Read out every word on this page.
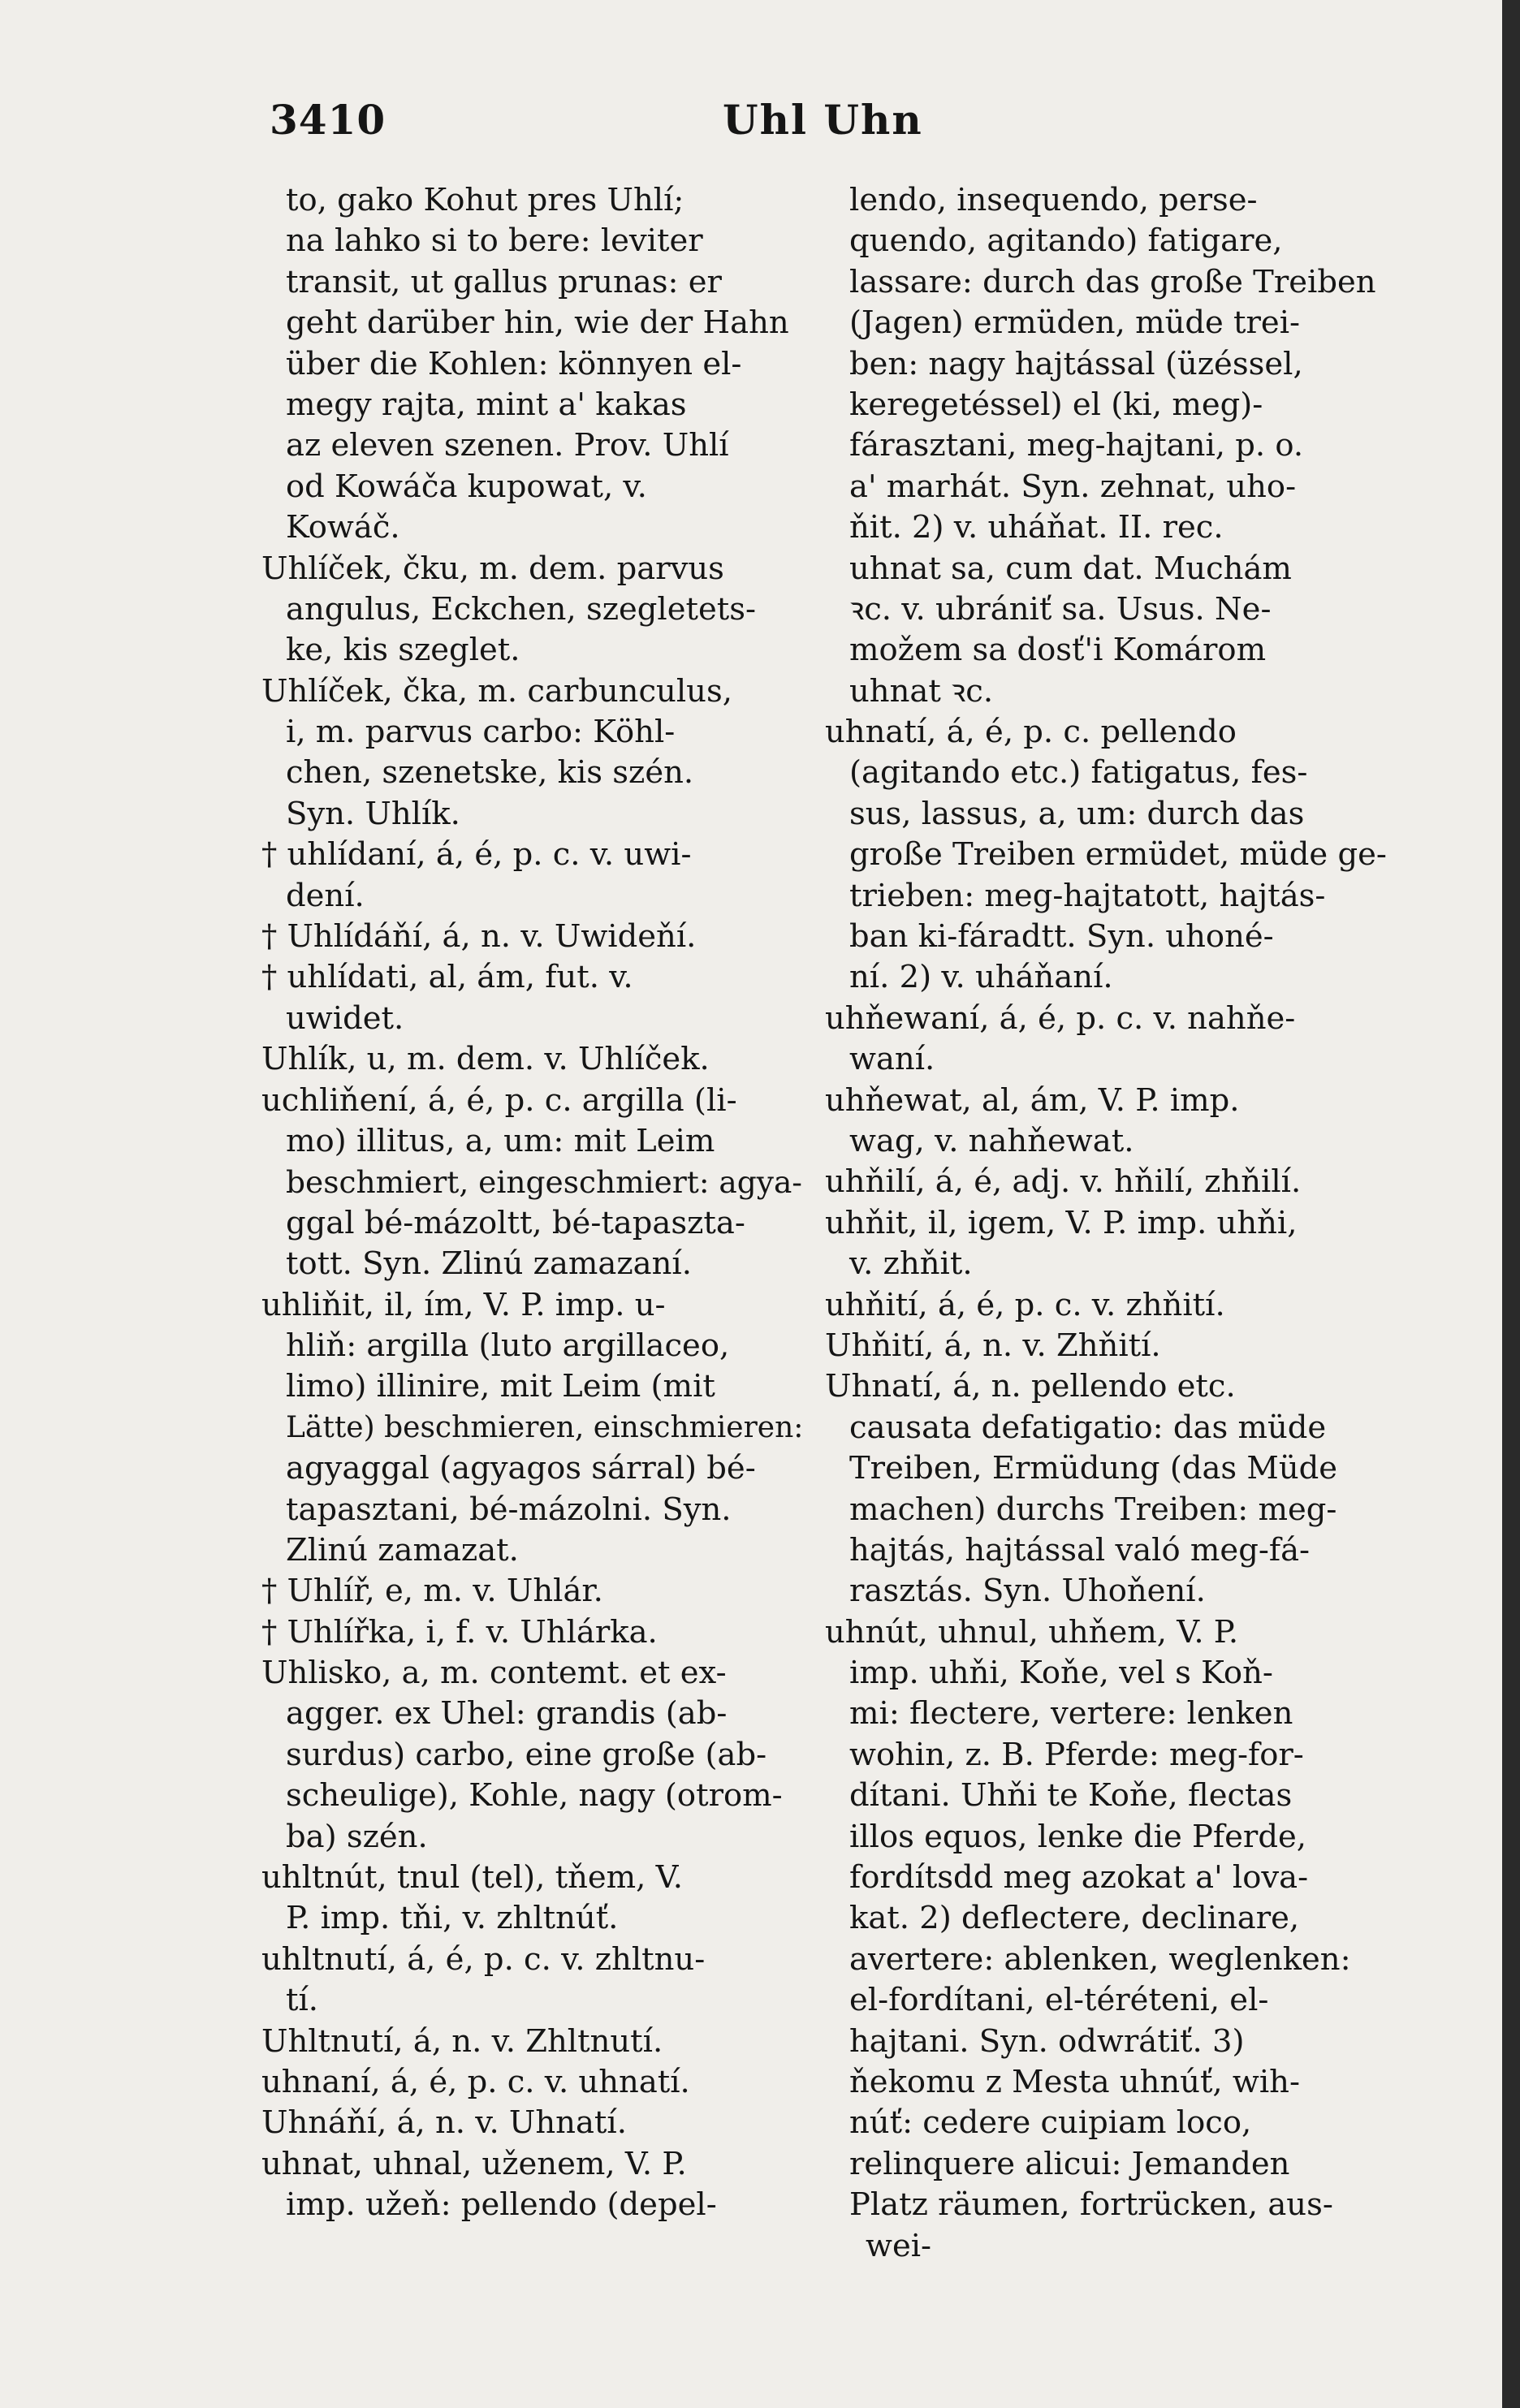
3410	Uhl Uhn
to, gako Kohut pres Uhlí;
na lahko si to bere: leviter
transit, ut gallus prunas: er
geht darüber hin, wie der Hahn
über die Kohlen: könnyen el-
megy rajta, mint a' kakas
az eleven szenen. Prov. Uhlí
od Kowáča kupowat, v.
Kowáč.
Uhlíček, čku, m. dem. parvus
angulus, Eckchen, szegletets-
ke, kis szeglet.
Uhlíček, čka, m. carbunculus,
i, m. parvus carbo: Köhl-
chen, szenetske, kis szén.
Syn. Uhlík.
† uhlídaní, á, é, p. c. v. uwi-
dení.
† Uhlídáňí, á, n. v. Uwideňí.
† uhlídati, al, ám, fut. v.
uwidet.
Uhlík, u, m. dem. v. Uhlíček.
uchliňení, á, é, p. c. argilla (li-
mo) illitus, a, um: mit Leim
beschmiert, eingeschmiert: agya-
ggal bé-mázoltt, bé-tapaszta-
tott. Syn. Zlinú zamazaní.
uhliňit, il, ím, V. P. imp. u-
hliň: argilla (luto argillaceo,
limo) illinire, mit Leim (mit
Lätte) beschmieren, einschmieren:
agyaggal (agyagos sárral) bé-
tapasztani, bé-mázolni. Syn.
Zlinú zamazat.
† Uhlíř, e, m. v. Uhlár.
† Uhlířka, i, f. v. Uhlárka.
Uhlisko, a, m. contemt. et ex-
agger. ex Uhel: grandis (ab-
surdus) carbo, eine große (ab-
scheulige), Kohle, nagy (otrom-
ba) szén.
uhltnút, tnul (tel), tňem, V.
P. imp. tňi, v. zhltnúť.
uhltnutí, á, é, p. c. v. zhltnu-
tí.
Uhltnutí, á, n. v. Zhltnutí.
uhnaní, á, é, p. c. v. uhnatí.
Uhnáňí, á, n. v. Uhnatí.
uhnat, uhnal, uženem, V. P.
imp. užeň: pellendo (depel-
lendo, insequendo, perse-
quendo, agitando) fatigare,
lassare: durch das große Treiben
(Jagen) ermüden, müde trei-
ben: nagy hajtással (üzéssel,
keregetéssel) el (ki, meg)-
fárasztani, meg-hajtani, p. o.
a' marhát. Syn. zehnat, uho-
ňit. 2) v. uháňat. II. rec.
uhnat sa, cum dat. Muchám
ꝛc. v. ubrániť sa. Usus. Ne-
možem sa dosť'i Komárom
uhnat ꝛc.
uhnatí, á, é, p. c. pellendo
(agitando etc.) fatigatus, fes-
sus, lassus, a, um: durch das
große Treiben ermüdet, müde ge-
trieben: meg-hajtatott, hajtás-
ban ki-fáradtt. Syn. uhoné-
ní. 2) v. uháňaní.
uhňewaní, á, é, p. c. v. nahňe-
waní.
uhňewat, al, ám, V. P. imp.
wag, v. nahňewat.
uhňilí, á, é, adj. v. hňilí, zhňilí.
uhňit, il, igem, V. P. imp. uhňi,
v. zhňit.
uhňití, á, é, p. c. v. zhňití.
Uhňití, á, n. v. Zhňití.
Uhnatí, á, n. pellendo etc.
causata defatigatio: das müde
Treiben, Ermüdung (das Müde
machen) durchs Treiben: meg-
hajtás, hajtással való meg-fá-
rasztás. Syn. Uhoňení.
uhnút, uhnul, uhňem, V. P.
imp. uhňi, Koňe, vel s Koň-
mi: flectere, vertere: lenken
wohin, z. B. Pferde: meg-for-
dítani. Uhňi te Koňe, flectas
illos equos, lenke die Pferde,
fordítsdd meg azokat a' lova-
kat. 2) deflectere, declinare,
avertere: ablenken, weglenken:
el-fordítani, el-téréteni, el-
hajtani. Syn. odwrátiť. 3)
ňekomu z Mesta uhnúť, wih-
núť: cedere cuipiam loco,
relinquere alicui: Jemanden
Platz räumen, fortrücken, aus-
wei-
